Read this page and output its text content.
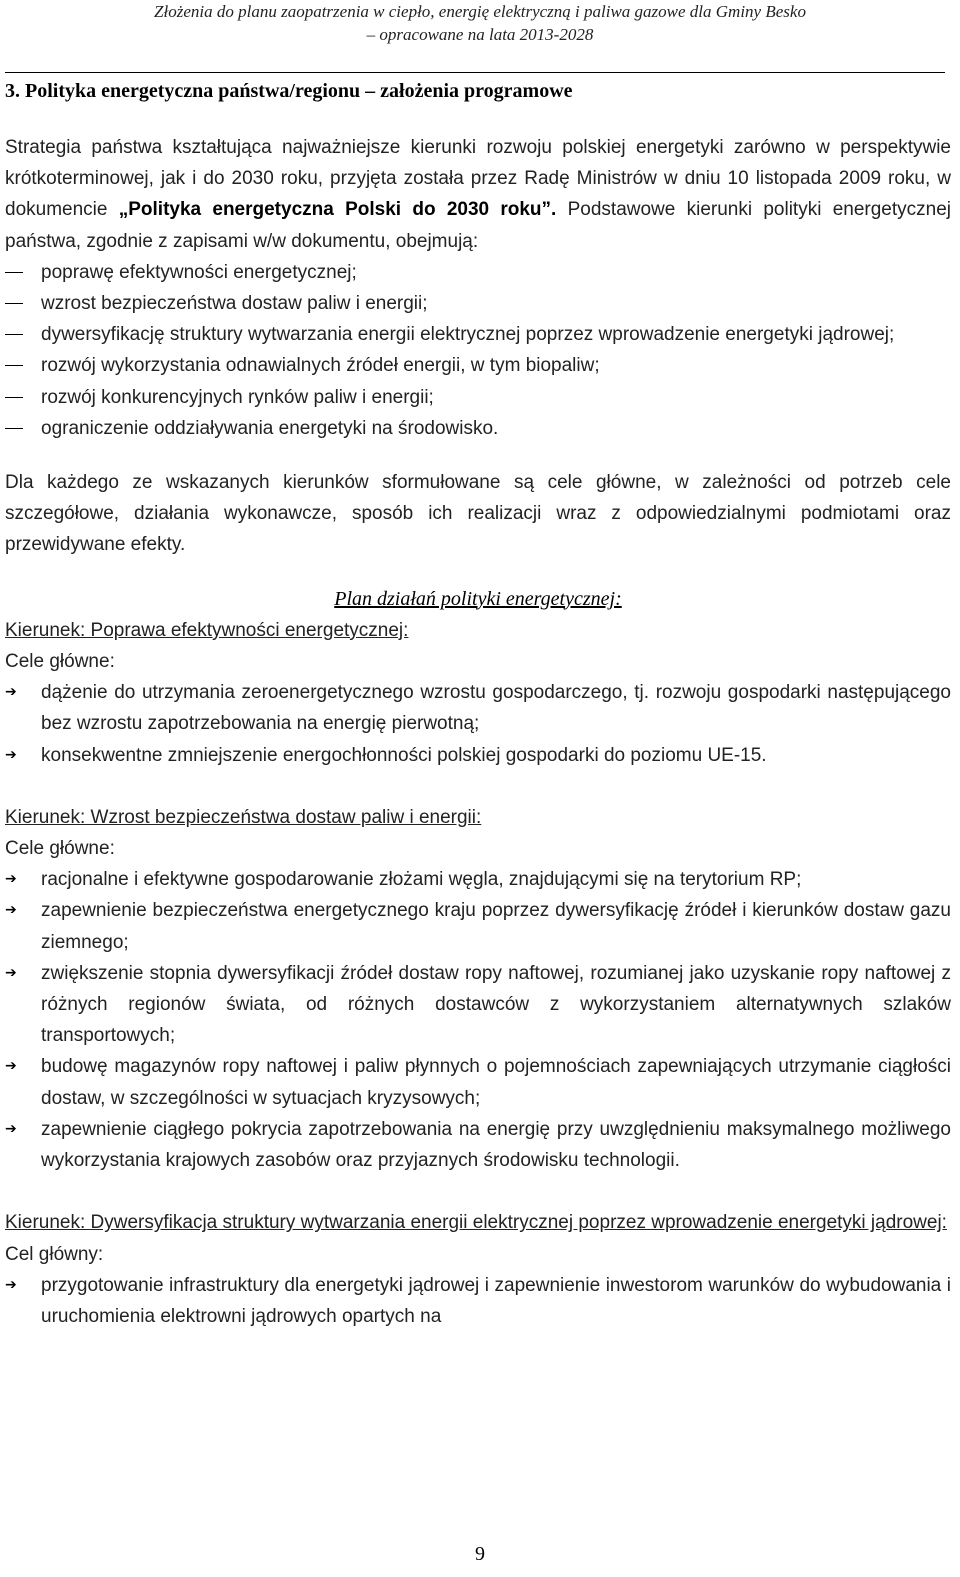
Złożenia do planu zaopatrzenia w ciepło, energię elektryczną i paliwa gazowe dla Gminy Besko
– opracowane na lata 2013-2028
3. Polityka energetyczna państwa/regionu – założenia programowe

Strategia państwa kształtująca najważniejsze kierunki rozwoju polskiej energetyki zarówno w perspektywie krótkoterminowej, jak i do 2030 roku, przyjęta została przez Radę Ministrów w dniu 10 listopada 2009 roku, w dokumencie „Polityka energetyczna Polski do 2030 roku”. Podstawowe kierunki polityki energetycznej państwa, zgodnie z zapisami w/w dokumentu, obejmują:

poprawę efektywności energetycznej;
wzrost bezpieczeństwa dostaw paliw i energii;
dywersyfikację struktury wytwarzania energii elektrycznej poprzez wprowadzenie energetyki jądrowej;
rozwój wykorzystania odnawialnych źródeł energii, w tym biopaliw;
rozwój konkurencyjnych rynków paliw i energii;
ograniczenie oddziaływania energetyki na środowisko.

Dla każdego ze wskazanych kierunków sformułowane są cele główne, w zależności od potrzeb cele szczegółowe, działania wykonawcze, sposób ich realizacji wraz z odpowiedzialnymi podmiotami oraz przewidywane efekty.

Plan działań polityki energetycznej:
Kierunek: Poprawa efektywności energetycznej:
Cele główne:
➔	dążenie do utrzymania zeroenergetycznego wzrostu gospodarczego, tj. rozwoju gospodarki następującego bez wzrostu zapotrzebowania na energię pierwotną;
➔	konsekwentne zmniejszenie energochłonności polskiej gospodarki do poziomu UE-15.
Kierunek: Wzrost bezpieczeństwa dostaw paliw i energii:
Cele główne:
➔	racjonalne i efektywne gospodarowanie złożami węgla, znajdującymi się na terytorium RP;
➔	zapewnienie bezpieczeństwa energetycznego kraju poprzez dywersyfikację źródeł i kierunków dostaw gazu ziemnego;
➔	zwiększenie stopnia dywersyfikacji źródeł dostaw ropy naftowej, rozumianej jako uzyskanie ropy naftowej z różnych regionów świata, od różnych dostawców z wykorzystaniem alternatywnych szlaków transportowych;
➔	budowę magazynów ropy naftowej i paliw płynnych o pojemnościach zapewniających utrzymanie ciągłości dostaw, w szczególności w sytuacjach kryzysowych;
➔	zapewnienie ciągłego pokrycia zapotrzebowania na energię przy uwzględnieniu maksymalnego możliwego wykorzystania krajowych zasobów oraz przyjaznych środowisku technologii.
Kierunek: Dywersyfikacja struktury wytwarzania energii elektrycznej poprzez wprowadzenie energetyki jądrowej:
Cel główny:
➔	przygotowanie infrastruktury dla energetyki jądrowej i zapewnienie inwestorom warunków do wybudowania i uruchomienia elektrowni jądrowych opartych na
9
